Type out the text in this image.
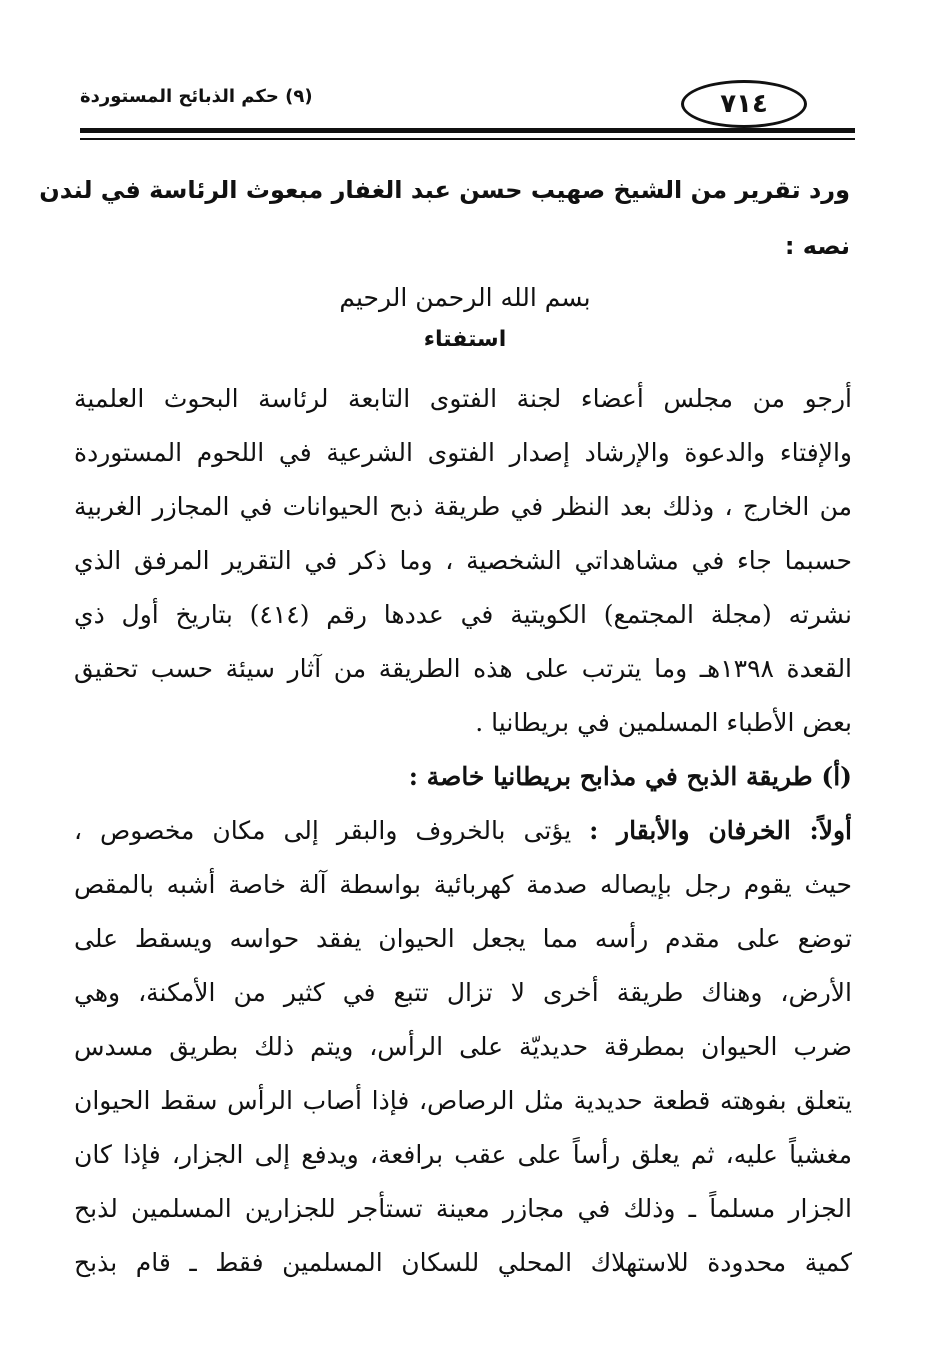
٧١٤
(٩) حكم الذبائح المستوردة
ورد تقرير من الشيخ صهيب حسن عبد الغفار مبعوث الرئاسة في لندن
نصه :
بسم الله الرحمن الرحيم
استفتاء
أرجو من مجلس أعضاء لجنة الفتوى التابعة لرئاسة البحوث العلمية
والإفتاء والدعوة والإرشاد إصدار الفتوى الشرعية في اللحوم المستوردة
من الخارج ، وذلك بعد النظر في طريقة ذبح الحيوانات في المجازر الغربية
حسبما جاء في مشاهداتي الشخصية ، وما ذكر في التقرير المرفق الذي
نشرته (مجلة المجتمع) الكويتية في عددها رقم (٤١٤) بتاريخ أول ذي
القعدة ١٣٩٨هـ وما يترتب على هذه الطريقة من آثار سيئة حسب تحقيق
بعض الأطباء المسلمين في بريطانيا .
(أ) طريقة الذبح في مذابح بريطانيا خاصة :
أولاً: الخرفان والأبقار : يؤتى بالخروف والبقر إلى مكان مخصوص ،
حيث يقوم رجل بإيصاله صدمة كهربائية بواسطة آلة خاصة أشبه بالمقص
توضع على مقدم رأسه مما يجعل الحيوان يفقد حواسه ويسقط على
الأرض، وهناك طريقة أخرى لا تزال تتبع في كثير من الأمكنة، وهي
ضرب الحيوان بمطرقة حديديّة على الرأس، ويتم ذلك بطريق مسدس
يتعلق بفوهته قطعة حديدية مثل الرصاص، فإذا أصاب الرأس سقط الحيوان
مغشياً عليه، ثم يعلق رأساً على عقب برافعة، ويدفع إلى الجزار، فإذا كان
الجزار مسلماً ـ وذلك في مجازر معينة تستأجر للجزارين المسلمين لذبح
كمية محدودة للاستهلاك المحلي للسكان المسلمين فقط ـ قام بذبح
